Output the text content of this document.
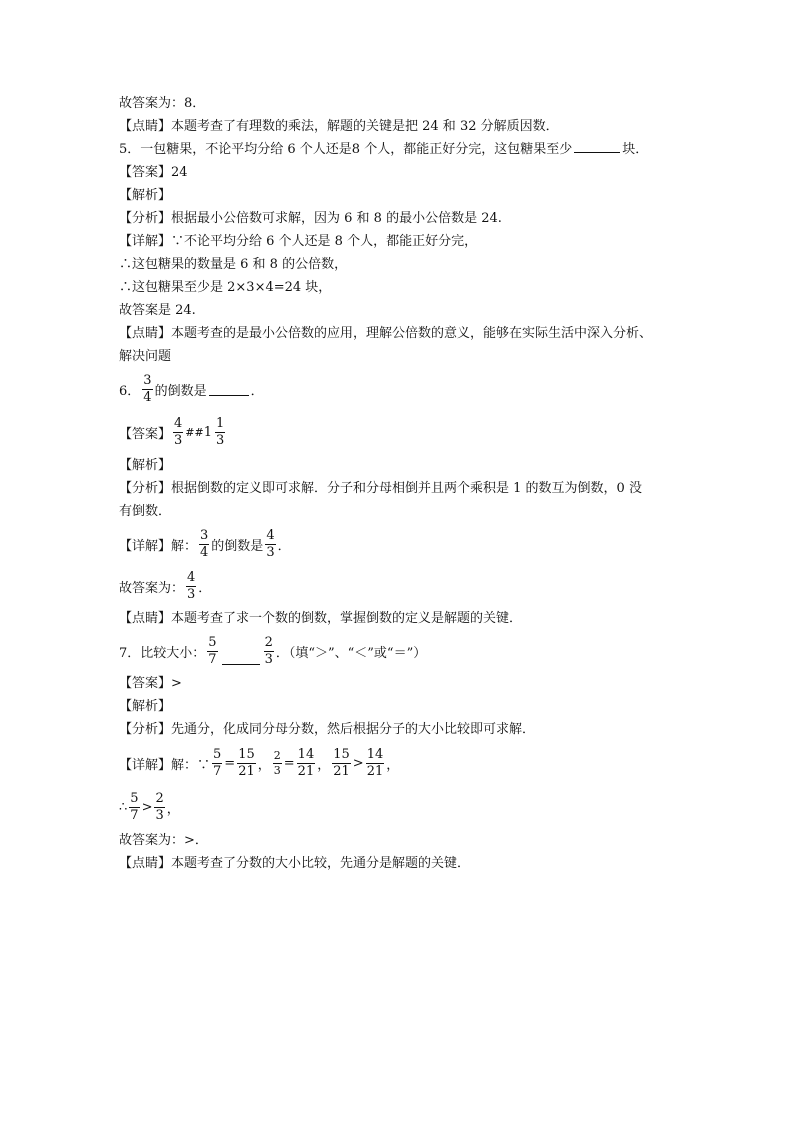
故答案为：8．
【点睛】本题考查了有理数的乘法，解题的关键是把 24 和 32 分解质因数．
5．一包糖果，不论平均分给 6 个人还是8 个人，都能正好分完，这包糖果至少	块．
【答案】24
【解析】
【分析】根据最小公倍数可求解，因为 6 和 8 的最小公倍数是 24.
【详解】∵不论平均分给 6 个人还是 8 个人，都能正好分完，
∴这包糖果的数量是 6 和 8 的公倍数，
∴这包糖果至少是 2×3×4=24 块，
故答案是 24.
【点睛】本题考查的是最小公倍数的应用，理解公倍数的意义，能够在实际生活中深入分析、
解决问题
6． $\frac{3}{4}$ 的倒数是	．
【答案】 $\frac{4}{3}$ ## $1 \frac{1}{3}$
【解析】
【分析】根据倒数的定义即可求解．分子和分母相倒并且两个乘积是 1 的数互为倒数，0 没
有倒数．
【详解】解： $\frac{3}{4}$ 的倒数是 $\frac{4}{3}$ ．
故答案为： $\frac{4}{3}$ ．
【点睛】本题考查了求一个数的倒数，掌握倒数的定义是解题的关键．
7．比较大小： $\frac{5}{7}$	$\frac{2}{3}$ ．（填“＞”、“＜”或“＝”）
【答案】>
【解析】
【分析】先通分，化成同分母分数，然后根据分子的大小比较即可求解．
【详解】解：∵ $\frac{5}{7} = \frac{15}{21}$ ， $\frac{2}{3} = \frac{14}{21}$ ， $\frac{15}{21} > \frac{14}{21}$ ，
∴ $\frac{5}{7} > \frac{2}{3}$ ，
故答案为：>．
【点睛】本题考查了分数的大小比较，先通分是解题的关键．
